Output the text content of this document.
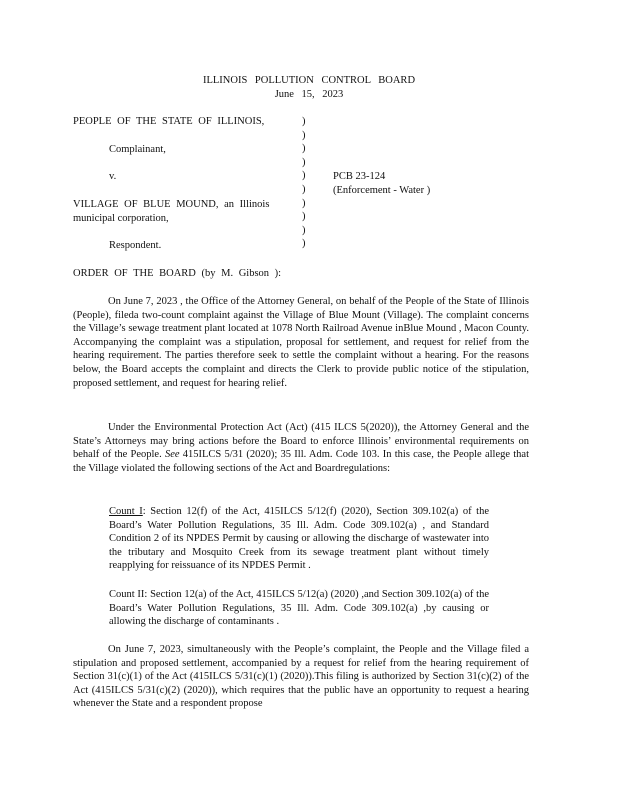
ILLINOIS POLLUTION CONTROL BOARD
June 15, 2023
PEOPLE OF THE STATE OF ILLINOIS,
Complainant,
v.
VILLAGE OF BLUE MOUND, an Illinois
municipal corporation,
Respondent.
)
)
)
)
)
)
)
)
)
)
PCB 23-124
(Enforcement - Water )
ORDER OF THE BOARD (by M. Gibson ):

On June 7, 2023 , the Office of the Attorney General, on behalf of the People of the State of Illinois (People), fileda two-count complaint against the Village of Blue Mount (Village). The complaint concerns the Village’s sewage treatment plant located at 1078 North Railroad Avenue inBlue Mound , Macon County. Accompanying the complaint was a stipulation, proposal for settlement, and request for relief from the hearing requirement. The parties therefore seek to settle the complaint without a hearing. For the reasons below, the Board accepts the complaint and directs the Clerk to provide public notice of the stipulation, proposed settlement, and request for hearing relief.

Under the Environmental Protection Act (Act) (415 ILCS 5(2020)), the Attorney General and the State’s Attorneys may bring actions before the Board to enforce Illinois’ environmental requirements on behalf of the People. See 415ILCS 5/31 (2020); 35 Ill. Adm. Code 103. In this case, the People allege that the Village violated the following sections of the Act and Boardregulations:

Count I: Section 12(f) of the Act, 415ILCS 5/12(f) (2020), Section 309.102(a) of the Board’s Water Pollution Regulations, 35 Ill. Adm. Code 309.102(a) , and Standard Condition 2 of its NPDES Permit by causing or allowing the discharge of wastewater into the tributary and Mosquito Creek from its sewage treatment plant without timely reapplying for reissuance of its NPDES Permit .

Count II: Section 12(a) of the Act, 415ILCS 5/12(a) (2020) ,and Section 309.102(a) of the Board’s Water Pollution Regulations, 35 Ill. Adm. Code 309.102(a) ,by causing or allowing the discharge of contaminants .

On June 7, 2023, simultaneously with the People’s complaint, the People and the Village filed a stipulation and proposed settlement, accompanied by a request for relief from the hearing requirement of Section 31(c)(1) of the Act (415ILCS 5/31(c)(1) (2020)).This filing is authorized by Section 31(c)(2) of the Act (415ILCS 5/31(c)(2) (2020)), which requires that the public have an opportunity to request a hearing whenever the State and a respondent propose
